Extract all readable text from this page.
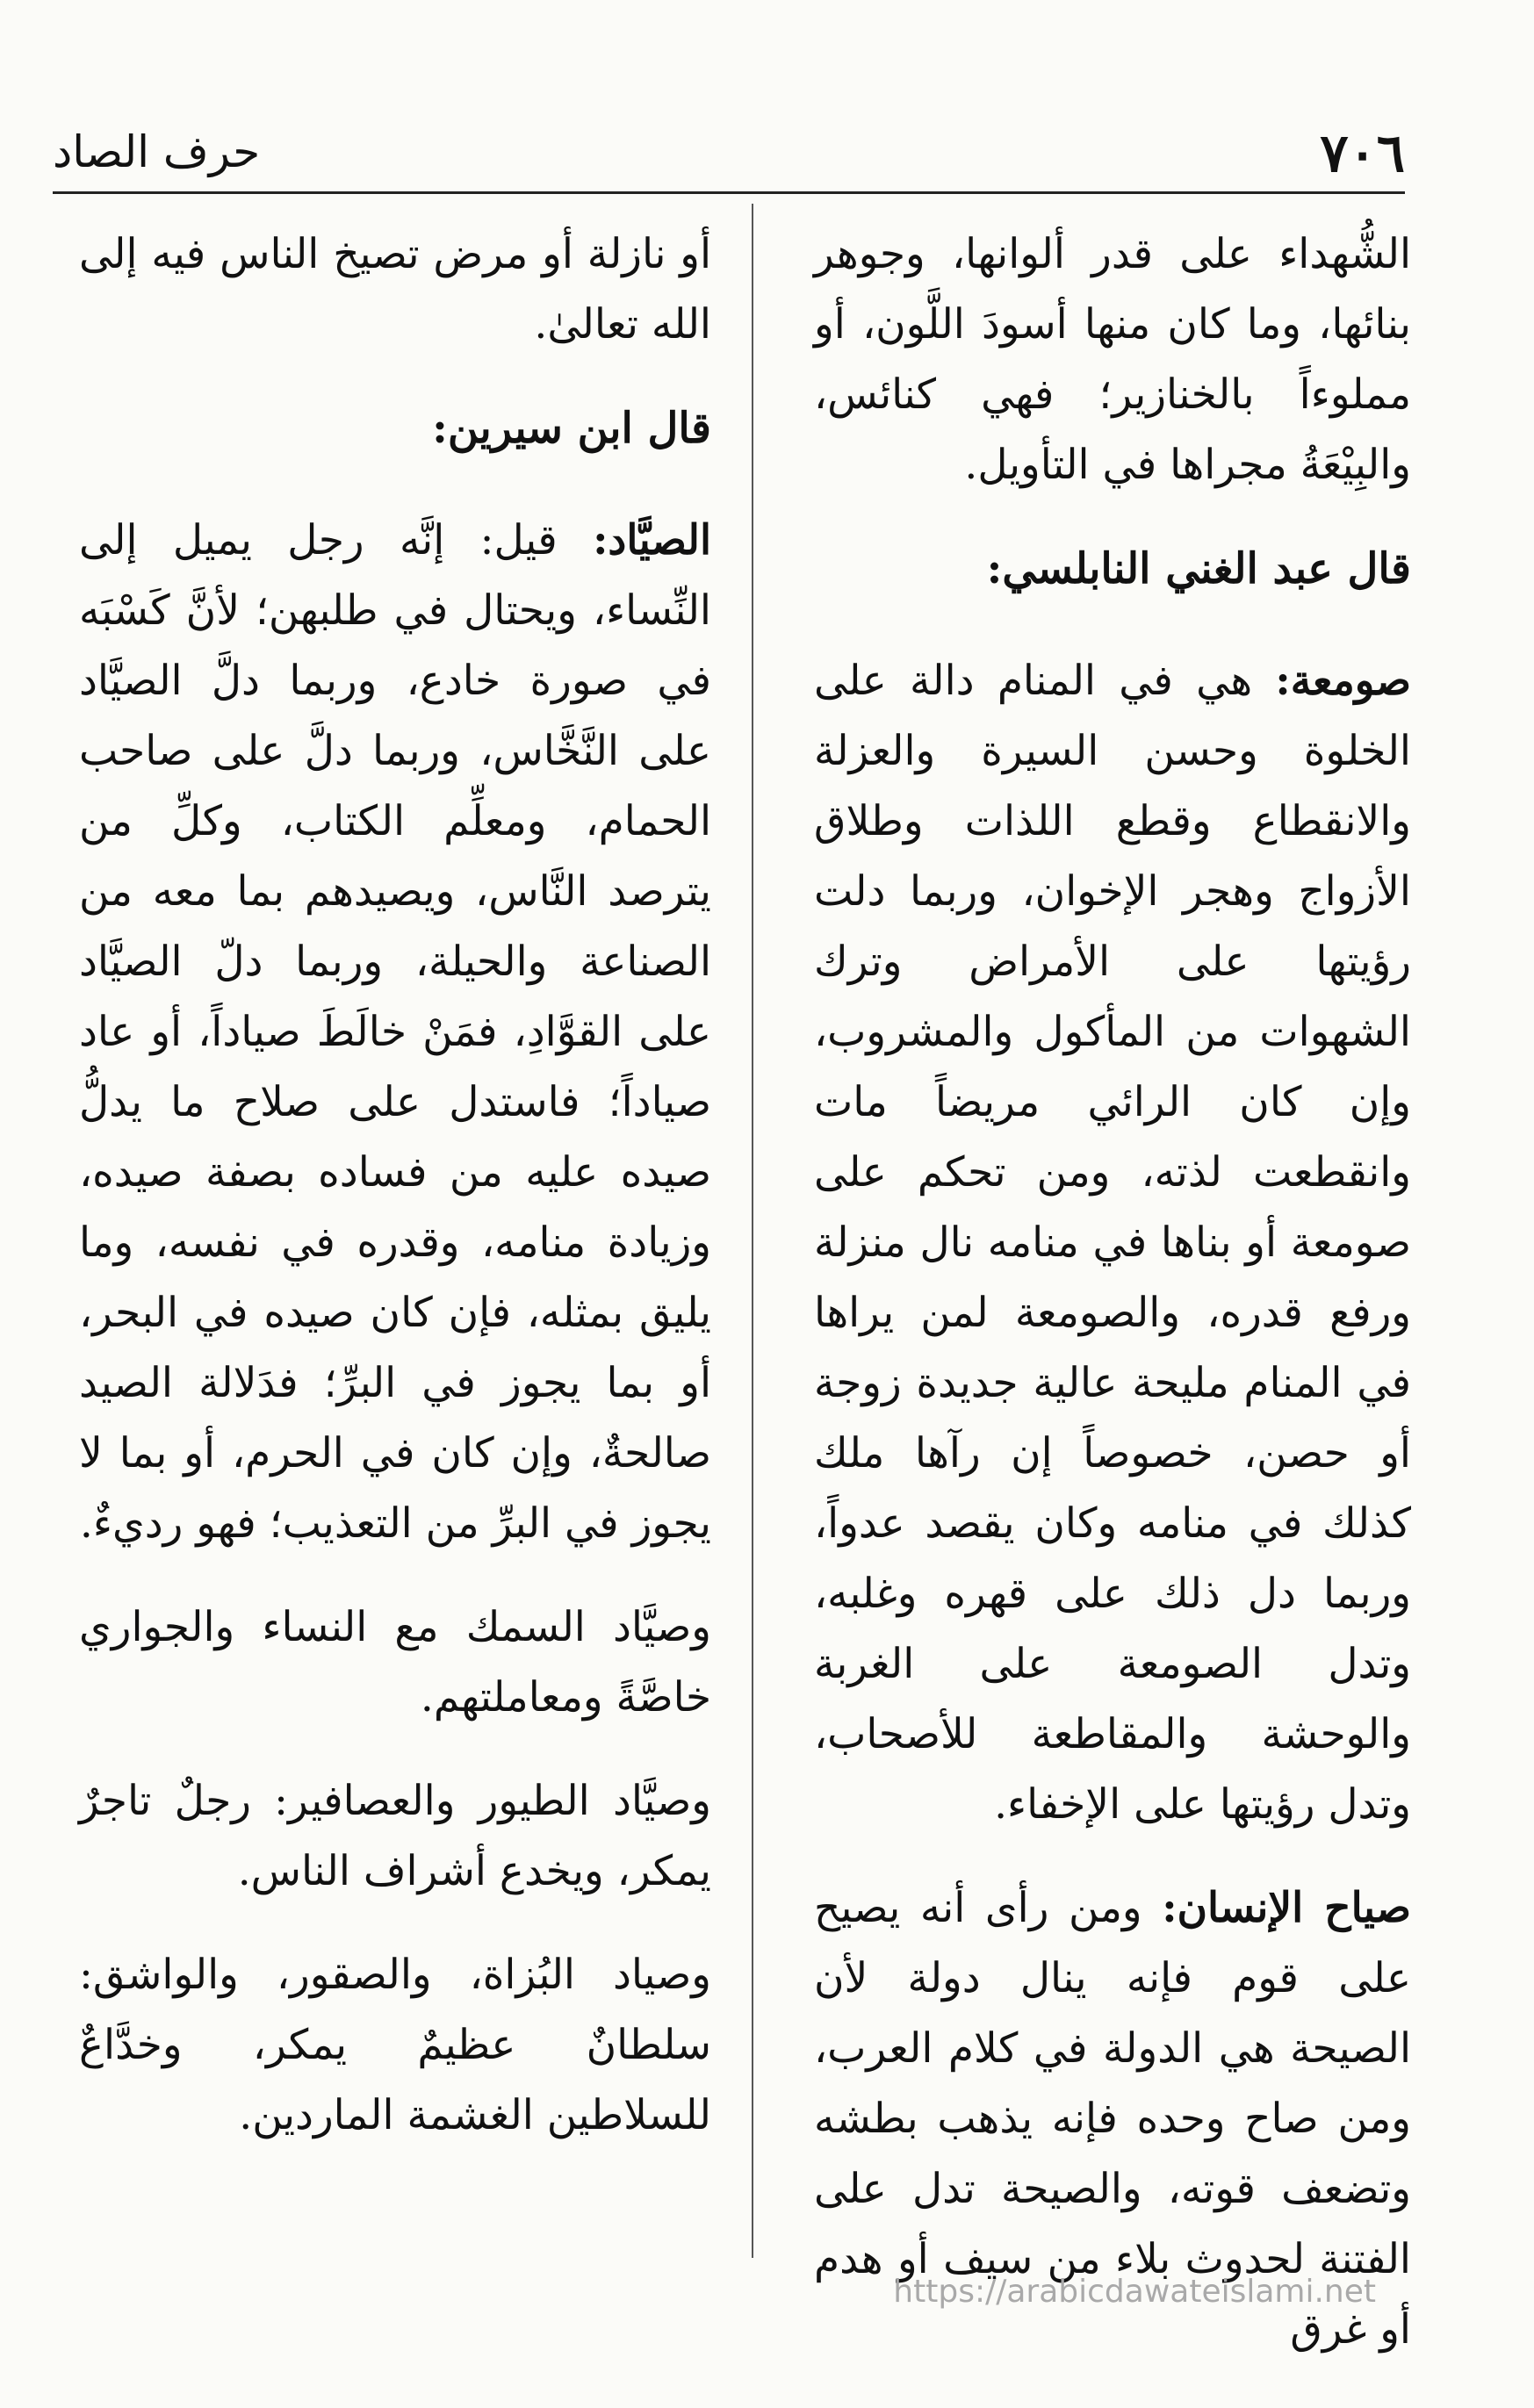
٧٠٦
حرف الصاد

الشُّهداء على قدر ألوانها، وجوهر بنائها، وما كان منها أسودَ اللَّون، أو مملوءاً بالخنازير؛ فهي كنائس، والبِيْعَةُ مجراها في التأويل.

قال عبد الغني النابلسي:

صومعة: هي في المنام دالة على الخلوة وحسن السيرة والعزلة والانقطاع وقطع اللذات وطلاق الأزواج وهجر الإخوان، وربما دلت رؤيتها على الأمراض وترك الشهوات من المأكول والمشروب، وإن كان الرائي مريضاً مات وانقطعت لذته، ومن تحكم على صومعة أو بناها في منامه نال منزلة ورفع قدره، والصومعة لمن يراها في المنام مليحة عالية جديدة زوجة أو حصن، خصوصاً إن رآها ملك كذلك في منامه وكان يقصد عدواً، وربما دل ذلك على قهره وغلبه، وتدل الصومعة على الغربة والوحشة والمقاطعة للأصحاب، وتدل رؤيتها على الإخفاء.

صياح الإنسان: ومن رأى أنه يصيح على قوم فإنه ينال دولة لأن الصيحة هي الدولة في كلام العرب، ومن صاح وحده فإنه يذهب بطشه وتضعف قوته، والصيحة تدل على الفتنة لحدوث بلاء من سيف أو هدم أو غرق

أو نازلة أو مرض تصيخ الناس فيه إلى الله تعالىٰ.

قال ابن سيرين:

الصيَّاد: قيل: إنَّه رجل يميل إلى النِّساء، ويحتال في طلبهن؛ لأنَّ كَسْبَه في صورة خادع، وربما دلَّ الصيَّاد على النَّخَّاس، وربما دلَّ على صاحب الحمام، ومعلِّم الكتاب، وكلِّ من يترصد النَّاس، ويصيدهم بما معه من الصناعة والحيلة، وربما دلّ الصيَّاد على القوَّادِ، فمَنْ خالَطَ صياداً، أو عاد صياداً؛ فاستدل على صلاح ما يدلُّ صيده عليه من فساده بصفة صيده، وزيادة منامه، وقدره في نفسه، وما يليق بمثله، فإن كان صيده في البحر، أو بما يجوز في البرِّ؛ فدَلالة الصيد صالحةٌ، وإن كان في الحرم، أو بما لا يجوز في البرِّ من التعذيب؛ فهو رديءٌ.

وصيَّاد السمك مع النساء والجواري خاصَّةً ومعاملتهم.

وصيَّاد الطيور والعصافير: رجلٌ تاجرٌ يمكر، ويخدع أشراف الناس.

وصياد البُزاة، والصقور، والواشق: سلطانٌ عظيمٌ يمكر، وخدَّاعٌ للسلاطين الغشمة الماردين.

https://arabicdawateislami.net
